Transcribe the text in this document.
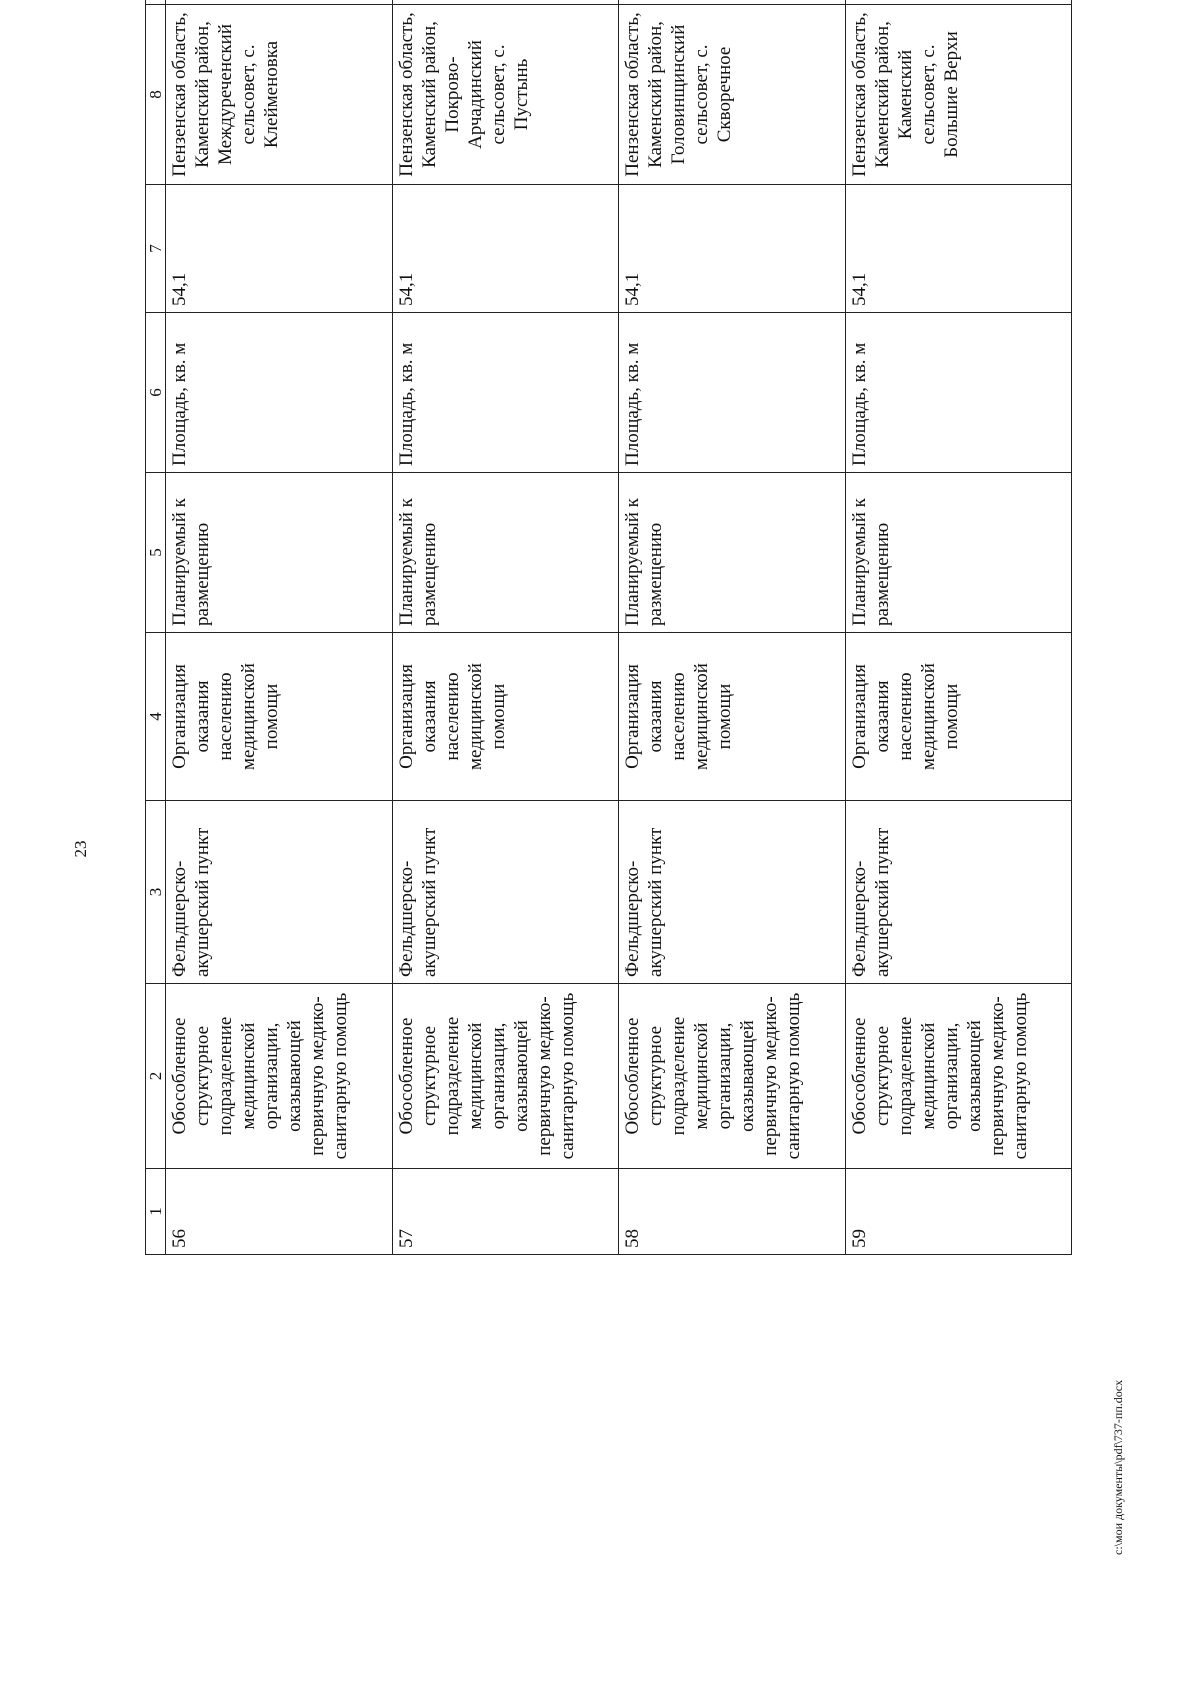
23
1	2	3	4	5	6	7	8	
56	Обособленное структурное подразделение медицинской организации, оказывающей первичную медико-санитарную помощь	Фельдшерско-акушерский пункт	Организация оказания населению медицинской помощи	Планируемый к размещению	Площадь, кв. м	54,1	Пензенская область, Каменский район, Междуреченский сельсовет, с. Клейменовка	
57	Обособленное структурное подразделение медицинской организации, оказывающей первичную медико-санитарную помощь	Фельдшерско-акушерский пункт	Организация оказания населению медицинской помощи	Планируемый к размещению	Площадь, кв. м	54,1	Пензенская область, Каменский район, Покрово-Арчадинский сельсовет, с. Пустынь	
58	Обособленное структурное подразделение медицинской организации, оказывающей первичную медико-санитарную помощь	Фельдшерско-акушерский пункт	Организация оказания населению медицинской помощи	Планируемый к размещению	Площадь, кв. м	54,1	Пензенская область, Каменский район, Головинщинский сельсовет, с. Скворечное	
59	Обособленное структурное подразделение медицинской организации, оказывающей первичную медико-санитарную помощь	Фельдшерско-акушерский пункт	Организация оказания населению медицинской помощи	Планируемый к размещению	Площадь, кв. м	54,1	Пензенская область, Каменский район, Каменский сельсовет, с. Большие Верхи	
c:\мои документы\pdf\737-пп.docx
